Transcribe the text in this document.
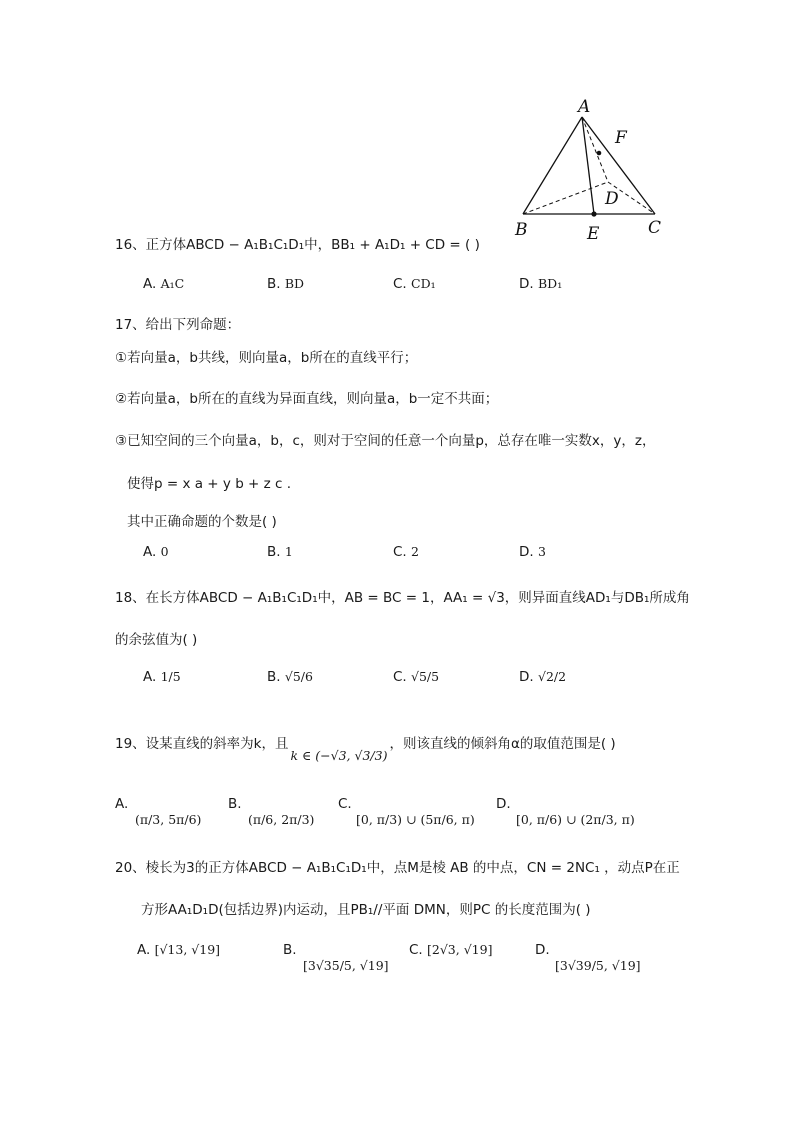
A
F
D
B	E	C
16、正方体ABCD − A₁B₁C₁D₁中，BB₁ + A₁D₁ + CD = ( )
A. A₁C	B. BD	C. CD₁	D. BD₁
17、给出下列命题：
①若向量a，b共线，则向量a，b所在的直线平行；
②若向量a，b所在的直线为异面直线，则向量a，b一定不共面；
③已知空间的三个向量a，b，c，则对于空间的任意一个向量p，总存在唯一实数x，y，z，
使得p = x a + y b + z c .
其中正确命题的个数是( )
A. 0	B. 1	C. 2	D. 3
18、在长方体ABCD − A₁B₁C₁D₁中，AB = BC = 1，AA₁ = √3，则异面直线AD₁与DB₁所成角
的余弦值为( )
A. 1/5	B. √5/6	C. √5/5	D. √2/2
19、设某直线的斜率为k，且k ∈ (−√3, √3/3)，则该直线的倾斜角α的取值范围是( )
A.
(π/3, 5π/6)
B.
(π/6, 2π/3)
C.
[0, π/3) ∪ (5π/6, π)
D.
[0, π/6) ∪ (2π/3, π)
20、棱长为3的正方体ABCD − A₁B₁C₁D₁中，点M是棱 AB 的中点，CN = 2NC₁ ，动点P在正
方形AA₁D₁D(包括边界)内运动，且PB₁//平面 DMN，则PC 的长度范围为( )
A. [√13, √19]	B.
[3√35/5, √19]
C. [2√3, √19]	D.
[3√39/5, √19]
